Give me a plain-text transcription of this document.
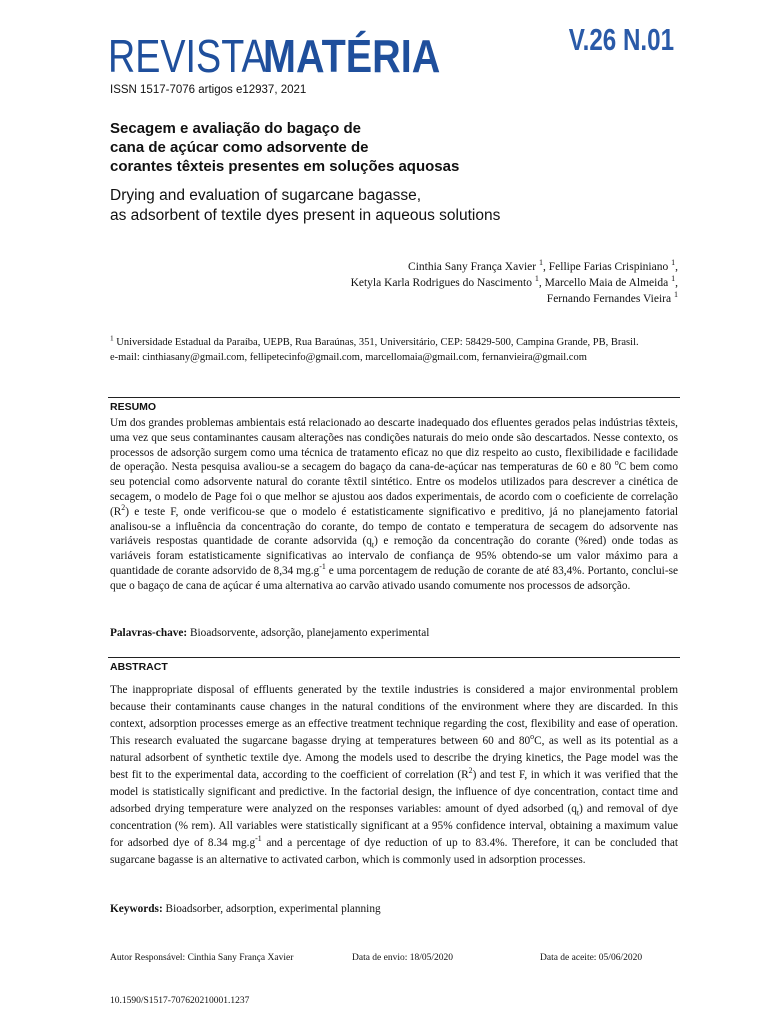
REVISTAMATÉRIA	V.26 N.01
ISSN 1517-7076 artigos e12937, 2021
Secagem e avaliação do bagaço de
cana de açúcar como adsorvente de
corantes têxteis presentes em soluções aquosas
Drying and evaluation of sugarcane bagasse,
as adsorbent of textile dyes present in aqueous solutions
Cinthia Sany França Xavier $^1$, Fellipe Farias Crispiniano $^1$,
Ketyla Karla Rodrigues do Nascimento $^1$, Marcello Maia de Almeida $^1$,
Fernando Fernandes Vieira $^1$
$^1$ Universidade Estadual da Paraíba, UEPB, Rua Baraúnas, 351, Universitário, CEP: 58429-500, Campina Grande, PB, Brasil.
e-mail: cinthiasany@gmail.com, fellipetecinfo@gmail.com, marcellomaia@gmail.com, fernanvieira@gmail.com
RESUMO
Um dos grandes problemas ambientais está relacionado ao descarte inadequado dos efluentes gerados pelas indústrias têxteis, uma vez que seus contaminantes causam alterações nas condições naturais do meio onde são descartados. Nesse contexto, os processos de adsorção surgem como uma técnica de tratamento eficaz no que diz respeito ao custo, flexibilidade e facilidade de operação. Nesta pesquisa avaliou-se a secagem do bagaço da cana-de-açúcar nas temperaturas de 60 e 80 $^o$C bem como seu potencial como adsorvente natural do corante têxtil sintético. Entre os modelos utilizados para descrever a cinética de secagem, o modelo de Page foi o que melhor se ajustou aos dados experimentais, de acordo com o coeficiente de correlação $(R^2)$ e teste F, onde verificou-se que o modelo é estatisticamente significativo e preditivo, já no planejamento fatorial analisou-se a influência da concentração do corante, do tempo de contato e temperatura de secagem do adsorvente nas variáveis respostas quantidade de corante adsorvida $(q_t)$ e remoção da concentração do corante (%red) onde todas as variáveis foram estatisticamente significativas ao intervalo de confiança de 95% obtendo-se um valor máximo para a quantidade de corante adsorvido de 8,34 $mg.g^{-1}$ e uma porcentagem de redução de corante de até 83,4%. Portanto, conclui-se que o bagaço de cana de açúcar é uma alternativa ao carvão ativado usando comumente nos processos de adsorção.
Palavras-chave: Bioadsorvente, adsorção, planejamento experimental
ABSTRACT
The inappropriate disposal of effluents generated by the textile industries is considered a major environmental problem because their contaminants cause changes in the natural conditions of the environment where they are discarded. In this context, adsorption processes emerge as an effective treatment technique regarding the cost, flexibility and ease of operation. This research evaluated the sugarcane bagasse drying at temperatures between 60 and 80$^o$C, as well as its potential as a natural adsorbent of synthetic textile dye. Among the models used to describe the drying kinetics, the Page model was the best fit to the experimental data, according to the coefficient of correlation $(R^2)$ and test F, in which it was verified that the model is statistically significant and predictive. In the factorial design, the influence of dye concentration, contact time and adsorbed drying temperature were analyzed on the responses variables: amount of dyed adsorbed $(q_t)$ and removal of dye concentration (% rem). All variables were statistically significant at a 95% confidence interval, obtaining a maximum value for adsorbed dye of 8.34 $mg.g^{-1}$ and a percentage of dye reduction of up to 83.4%. Therefore, it can be concluded that sugarcane bagasse is an alternative to activated carbon, which is commonly used in adsorption processes.
Keywords: Bioadsorber, adsorption, experimental planning
Autor Responsável: Cinthia Sany França Xavier	Data de envio: 18/05/2020	Data de aceite: 05/06/2020
10.1590/S1517-707620210001.1237
